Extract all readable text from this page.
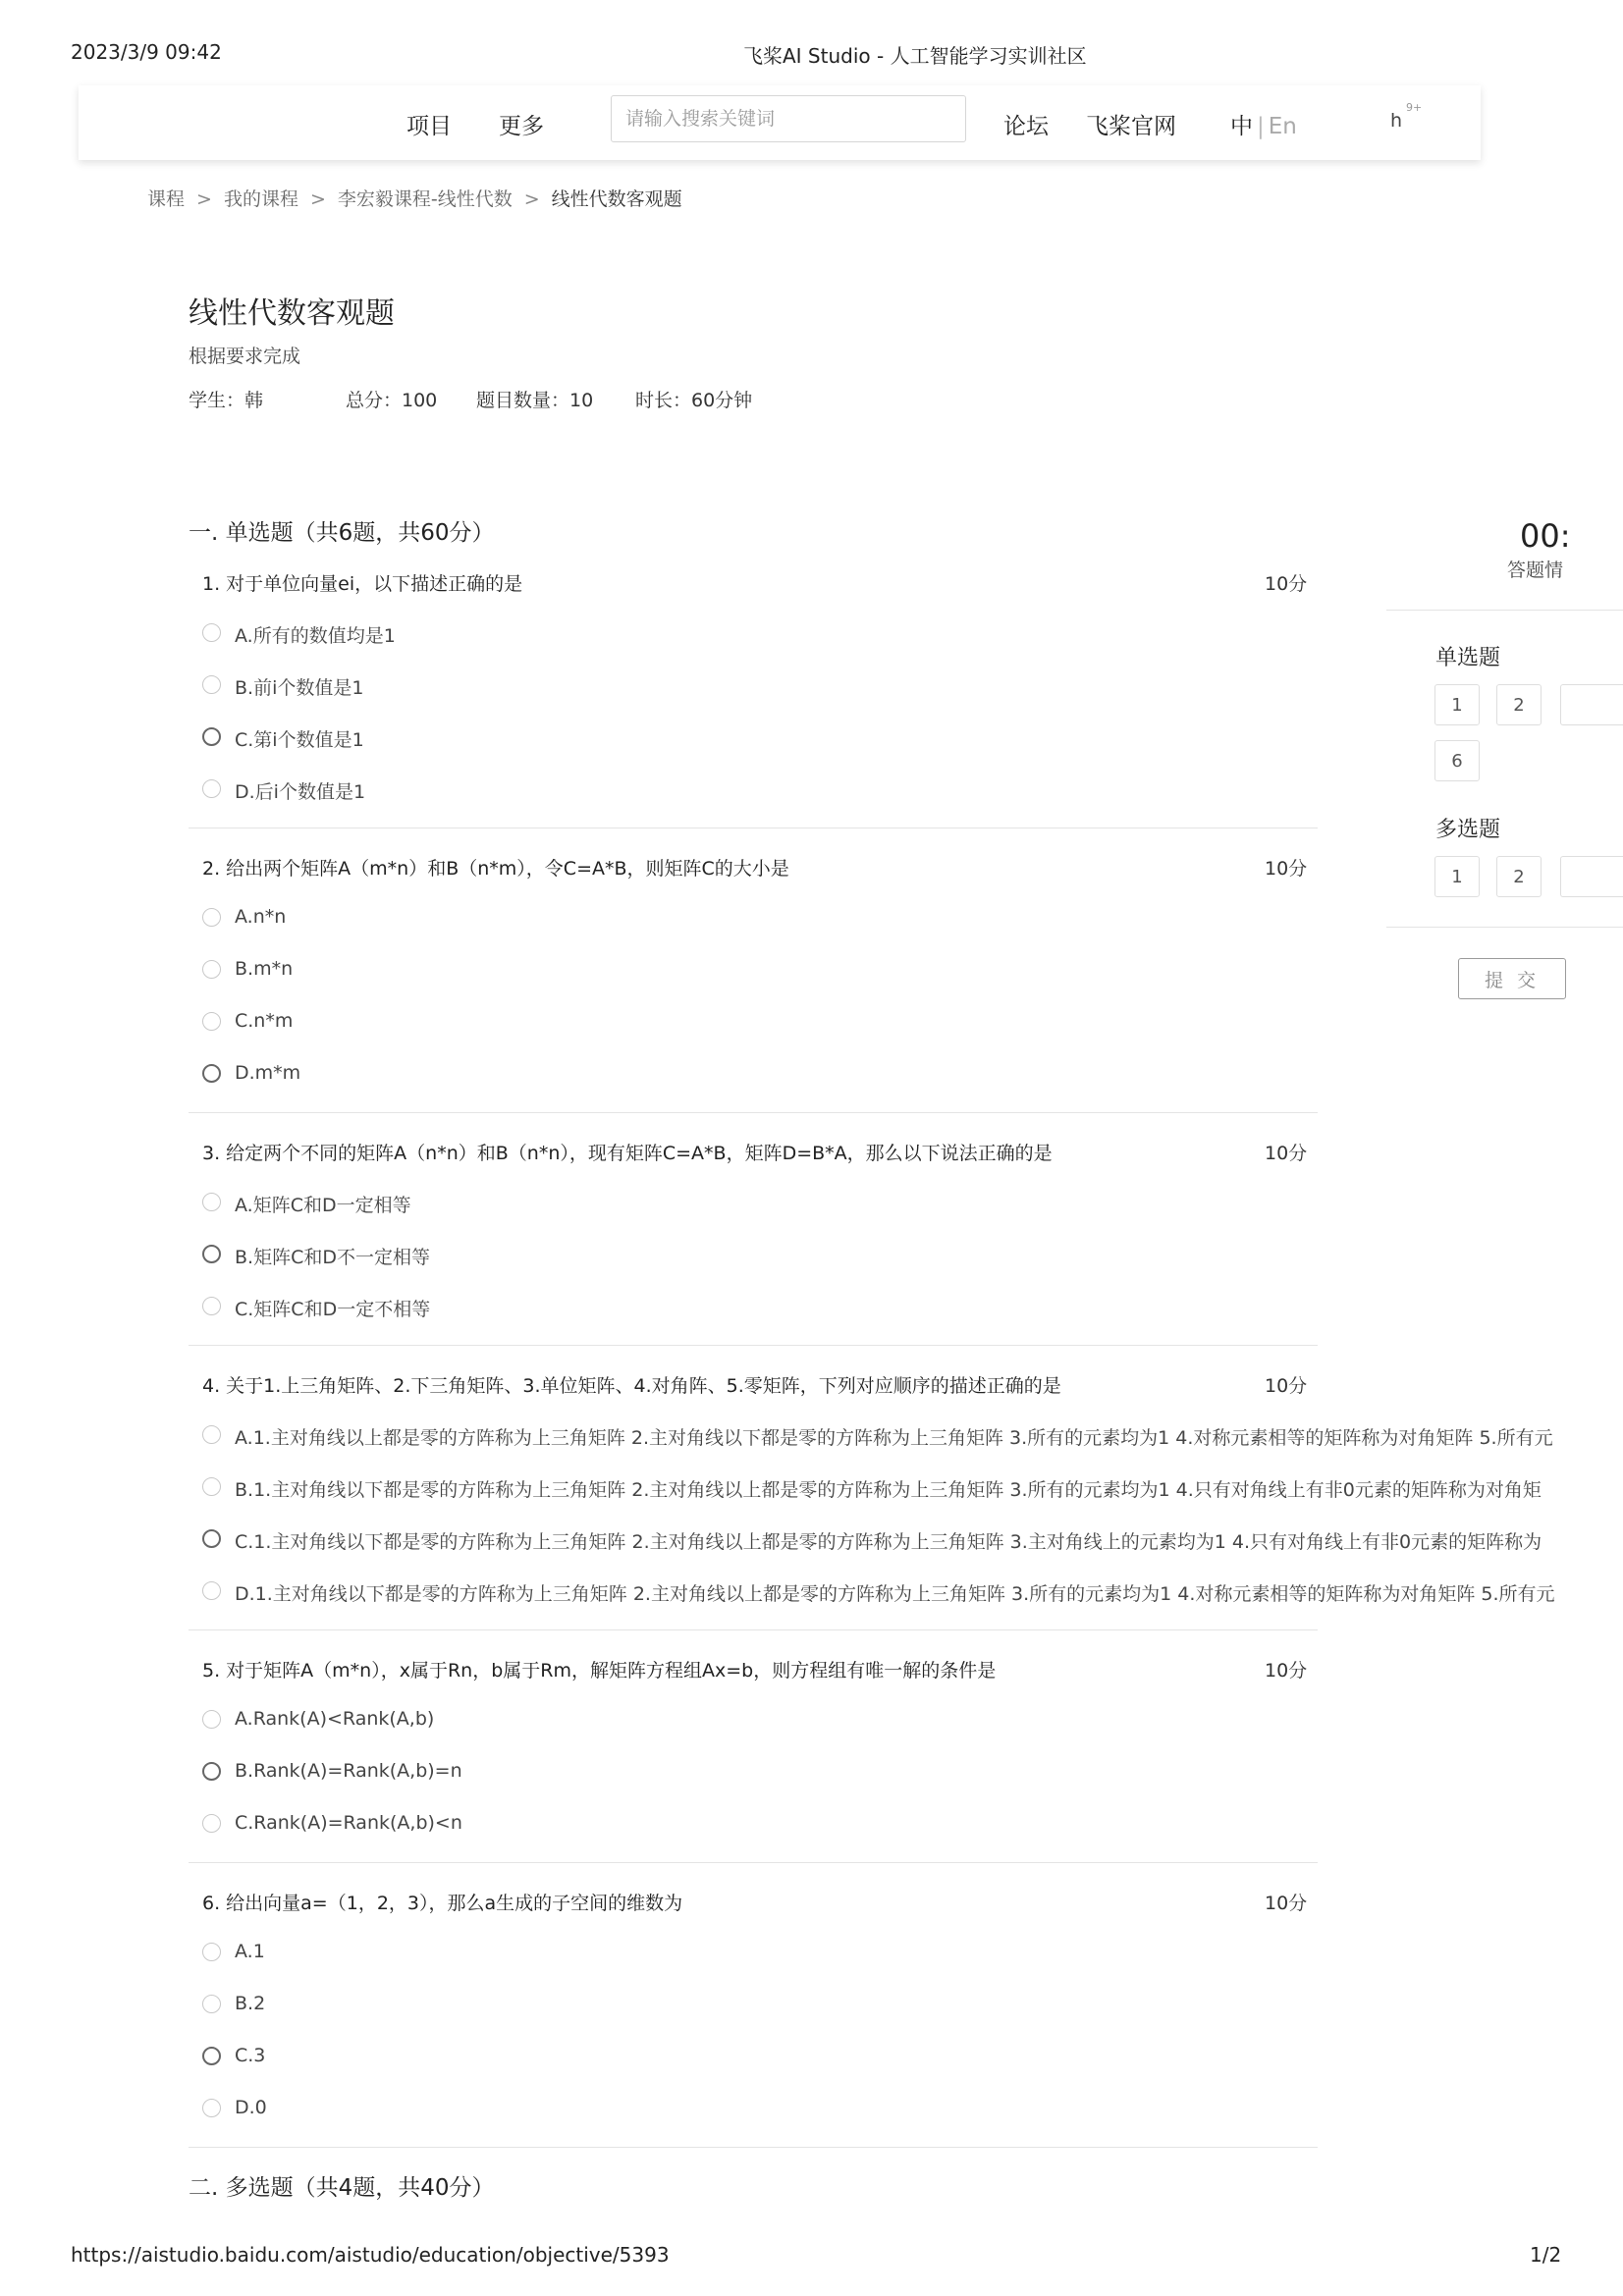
2023/3/9 09:42	飞桨AI Studio - 人工智能学习实训社区
https://aistudio.baidu.com/aistudio/education/objective/5393	1/2
项目 更多
请输入搜索关键词	论坛 飞桨官网 中 | En	h
9+
课程 > 我的课程 > 李宏毅课程-线性代数 > 线性代数客观题
线性代数客观题
根据要求完成
学生：韩	总分：100 题目数量：10 时长：60分钟
一. 单选题（共6题，共60分）
1. 对于单位向量ei，以下描述正确的是	10分
A.所有的数值均是1
B.前i个数值是1
C.第i个数值是1
D.后i个数值是1
2. 给出两个矩阵A（m*n）和B（n*m），令C=A*B，则矩阵C的大小是	10分
A.n*n
B.m*n
C.n*m
D.m*m
3. 给定两个不同的矩阵A（n*n）和B（n*n），现有矩阵C=A*B，矩阵D=B*A，那么以下说法正确的是	10分
A.矩阵C和D一定相等
B.矩阵C和D不一定相等
C.矩阵C和D一定不相等
4. 关于1.上三角矩阵、2.下三角矩阵、3.单位矩阵、4.对角阵、5.零矩阵，下列对应顺序的描述正确的是	10分
A.1.主对角线以上都是零的方阵称为上三角矩阵 2.主对角线以下都是零的方阵称为上三角矩阵 3.所有的元素均为1 4.对称元素相等的矩阵称为对角矩阵 5.所有元
B.1.主对角线以下都是零的方阵称为上三角矩阵 2.主对角线以上都是零的方阵称为上三角矩阵 3.所有的元素均为1 4.只有对角线上有非0元素的矩阵称为对角矩
C.1.主对角线以下都是零的方阵称为上三角矩阵 2.主对角线以上都是零的方阵称为上三角矩阵 3.主对角线上的元素均为1 4.只有对角线上有非0元素的矩阵称为
D.1.主对角线以下都是零的方阵称为上三角矩阵 2.主对角线以上都是零的方阵称为上三角矩阵 3.所有的元素均为1 4.对称元素相等的矩阵称为对角矩阵 5.所有元
5. 对于矩阵A（m*n），x属于Rn，b属于Rm，解矩阵方程组Ax=b，则方程组有唯一解的条件是	10分
A.Rank(A)<Rank(A,b)
B.Rank(A)=Rank(A,b)=n
C.Rank(A)=Rank(A,b)<n
6. 给出向量a=（1，2，3），那么a生成的子空间的维数为	10分
A.1
B.2
C.3
D.0
二. 多选题（共4题，共40分）
00:
答题情
单选题
1	2
6
多选题
1	2
提 交
